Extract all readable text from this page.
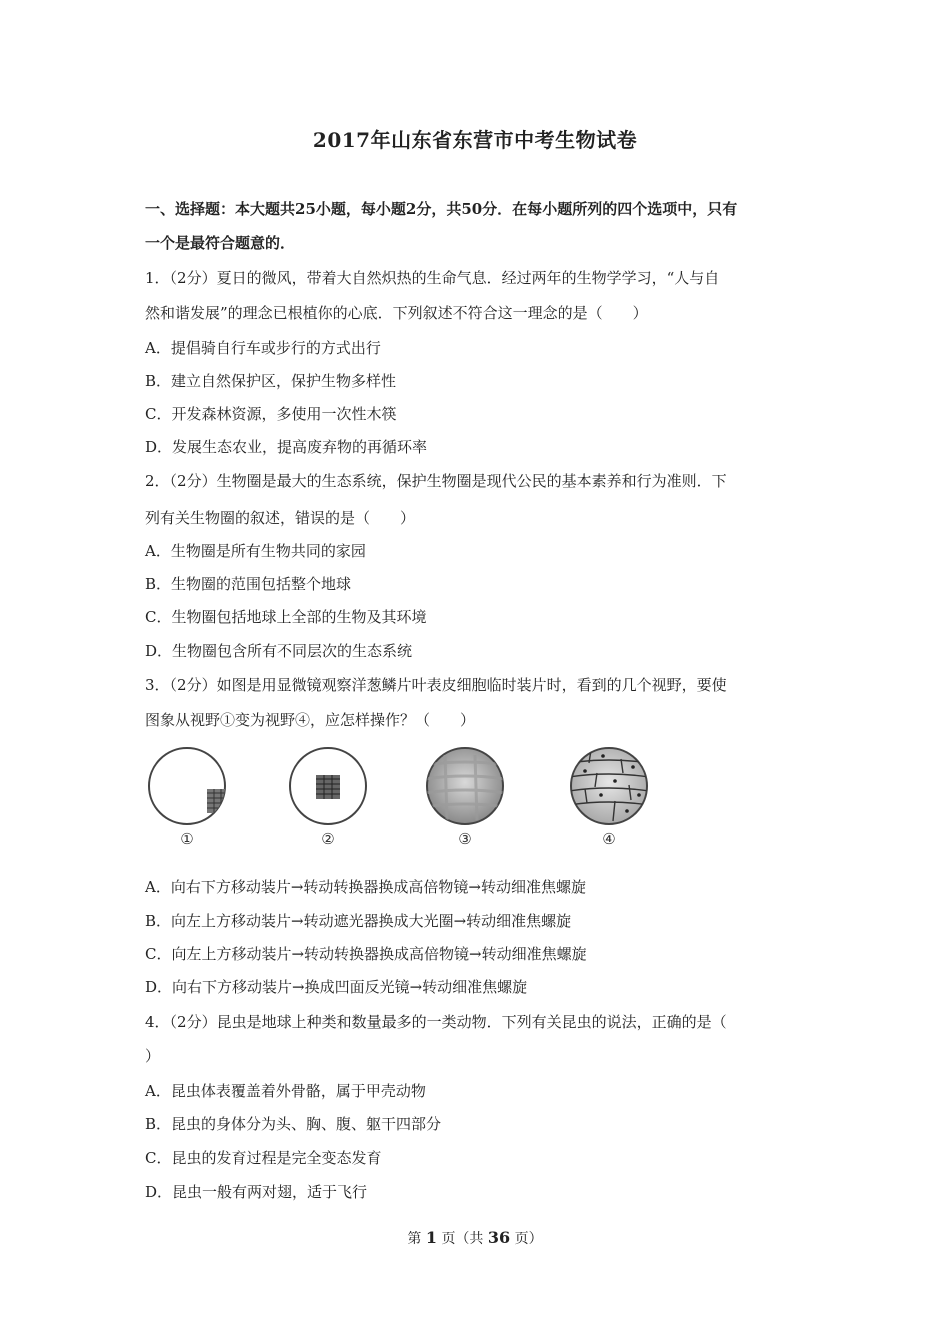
2017年山东省东营市中考生物试卷
一、选择题：本大题共25小题，每小题2分，共50分．在每小题所列的四个选项中，只有
一个是最符合题意的．
1．（2分）夏日的微风，带着大自然炽热的生命气息．经过两年的生物学学习，“人与自
然和谐发展”的理念已根植你的心底．下列叙述不符合这一理念的是（　　）
A．提倡骑自行车或步行的方式出行
B．建立自然保护区，保护生物多样性
C．开发森林资源，多使用一次性木筷
D．发展生态农业，提高废弃物的再循环率
2．（2分）生物圈是最大的生态系统，保护生物圈是现代公民的基本素养和行为准则．下
列有关生物圈的叙述，错误的是（　　）
A．生物圈是所有生物共同的家园
B．生物圈的范围包括整个地球
C．生物圈包括地球上全部的生物及其环境
D．生物圈包含所有不同层次的生态系统
3．（2分）如图是用显微镜观察洋葱鳞片叶表皮细胞临时装片时，看到的几个视野，要使
图象从视野①变为视野④，应怎样操作？（　　）
①	②	③	④
A．向右下方移动装片→转动转换器换成高倍物镜→转动细准焦螺旋
B．向左上方移动装片→转动遮光器换成大光圈→转动细准焦螺旋
C．向左上方移动装片→转动转换器换成高倍物镜→转动细准焦螺旋
D．向右下方移动装片→换成凹面反光镜→转动细准焦螺旋
4．（2分）昆虫是地球上种类和数量最多的一类动物．下列有关昆虫的说法，正确的是（
）
A．昆虫体表覆盖着外骨骼，属于甲壳动物
B．昆虫的身体分为头、胸、腹、躯干四部分
C．昆虫的发育过程是完全变态发育
D．昆虫一般有两对翅，适于飞行
第 1 页（共 36 页）
